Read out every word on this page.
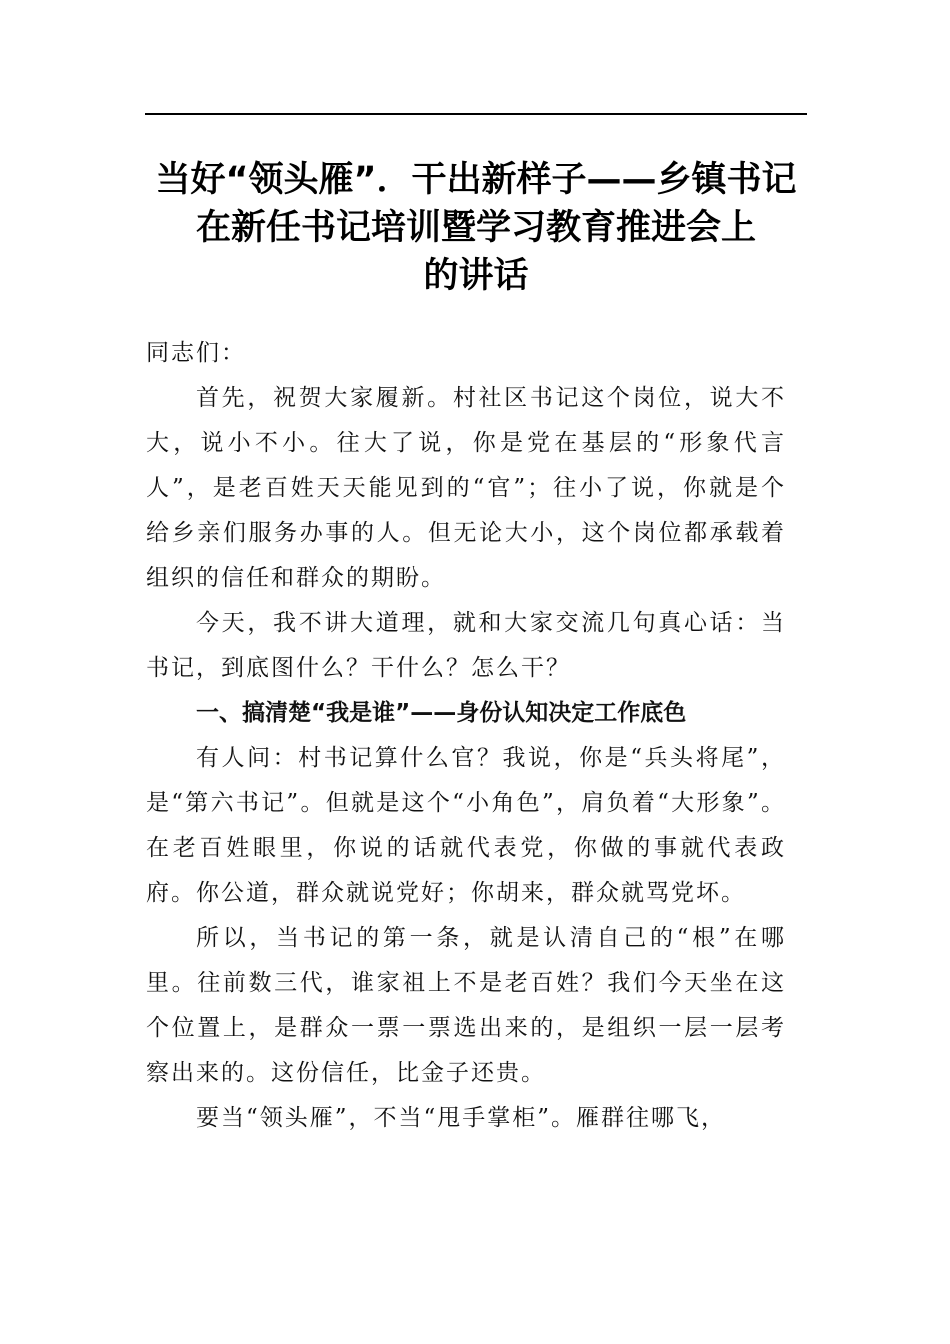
当好“领头雁”．干出新样子——乡镇书记
在新任书记培训暨学习教育推进会上
的讲话

同志们：

首先，祝贺大家履新。村社区书记这个岗位，说大不大，说小不小。往大了说，你是党在基层的“形象代言人”，是老百姓天天能见到的“官”；往小了说，你就是个给乡亲们服务办事的人。但无论大小，这个岗位都承载着组织的信任和群众的期盼。

今天，我不讲大道理，就和大家交流几句真心话：当书记，到底图什么？干什么？怎么干？

一、搞清楚“我是谁”——身份认知决定工作底色

有人问：村书记算什么官？我说，你是“兵头将尾”，是“第六书记”。但就是这个“小角色”，肩负着“大形象”。在老百姓眼里，你说的话就代表党，你做的事就代表政府。你公道，群众就说党好；你胡来，群众就骂党坏。

所以，当书记的第一条，就是认清自己的“根”在哪里。往前数三代，谁家祖上不是老百姓？我们今天坐在这个位置上，是群众一票一票选出来的，是组织一层一层考察出来的。这份信任，比金子还贵。

要当“领头雁”，不当“甩手掌柜”。雁群往哪飞，
